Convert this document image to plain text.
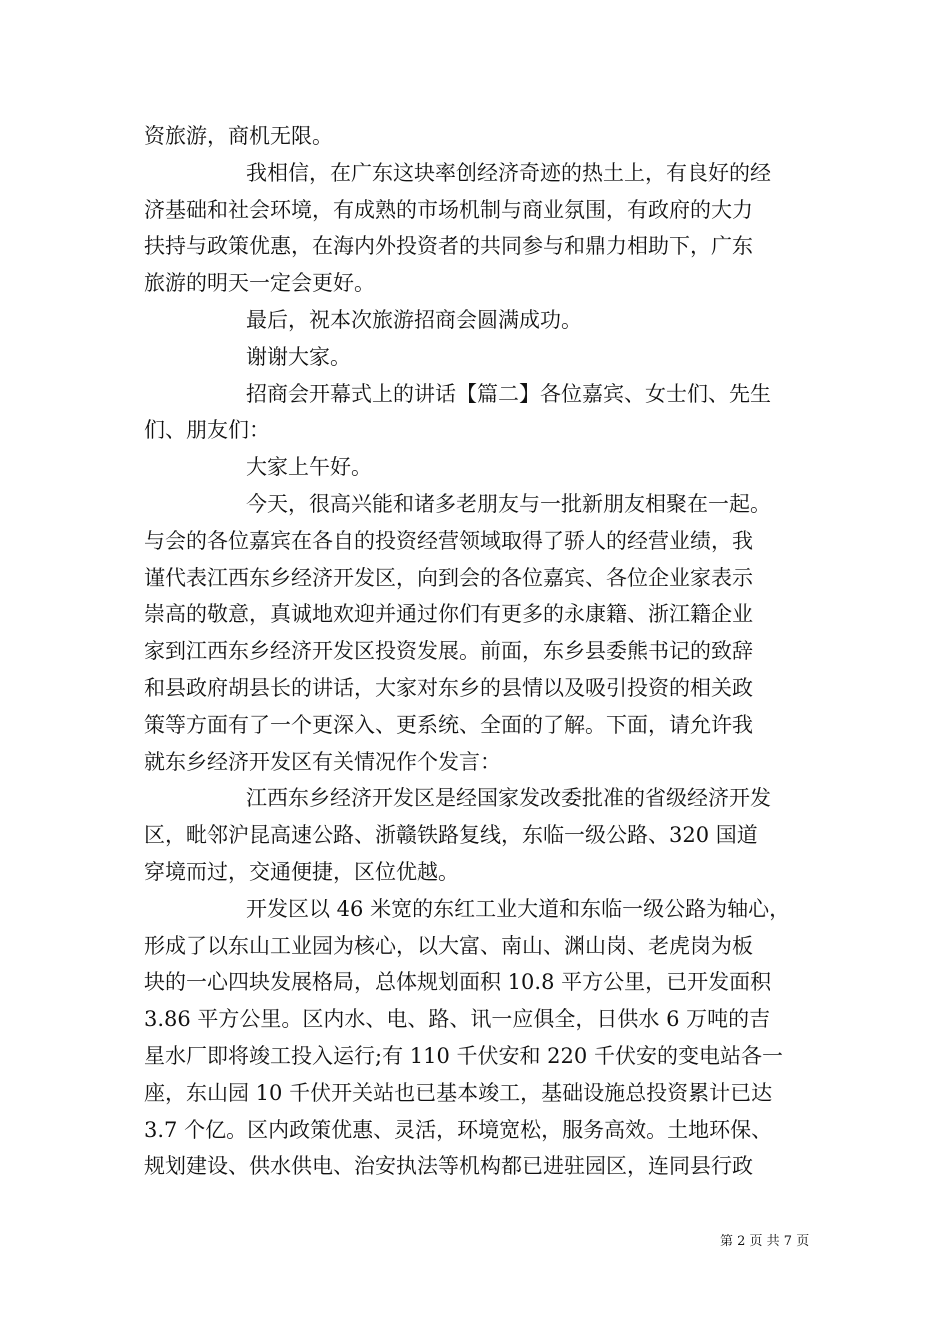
资旅游，商机无限。
我相信，在广东这块率创经济奇迹的热土上，有良好的经
济基础和社会环境，有成熟的市场机制与商业氛围，有政府的大力
扶持与政策优惠，在海内外投资者的共同参与和鼎力相助下，广东
旅游的明天一定会更好。
最后，祝本次旅游招商会圆满成功。
谢谢大家。
招商会开幕式上的讲话【篇二】各位嘉宾、女士们、先生
们、朋友们：
大家上午好。
今天，很高兴能和诸多老朋友与一批新朋友相聚在一起。
与会的各位嘉宾在各自的投资经营领域取得了骄人的经营业绩，我
谨代表江西东乡经济开发区，向到会的各位嘉宾、各位企业家表示
崇高的敬意，真诚地欢迎并通过你们有更多的永康籍、浙江籍企业
家到江西东乡经济开发区投资发展。前面，东乡县委熊书记的致辞
和县政府胡县长的讲话，大家对东乡的县情以及吸引投资的相关政
策等方面有了一个更深入、更系统、全面的了解。下面，请允许我
就东乡经济开发区有关情况作个发言：
江西东乡经济开发区是经国家发改委批准的省级经济开发
区，毗邻沪昆高速公路、浙赣铁路复线，东临一级公路、320 国道
穿境而过，交通便捷，区位优越。
开发区以 46 米宽的东红工业大道和东临一级公路为轴心，
形成了以东山工业园为核心，以大富、南山、渊山岗、老虎岗为板
块的一心四块发展格局，总体规划面积 10.8 平方公里，已开发面积
3.86 平方公里。区内水、电、路、讯一应俱全，日供水 6 万吨的吉
星水厂即将竣工投入运行;有 110 千伏安和 220 千伏安的变电站各一
座，东山园 10 千伏开关站也已基本竣工，基础设施总投资累计已达
3.7 个亿。区内政策优惠、灵活，环境宽松，服务高效。土地环保、
规划建设、供水供电、治安执法等机构都已进驻园区，连同县行政
第 2 页 共 7 页
